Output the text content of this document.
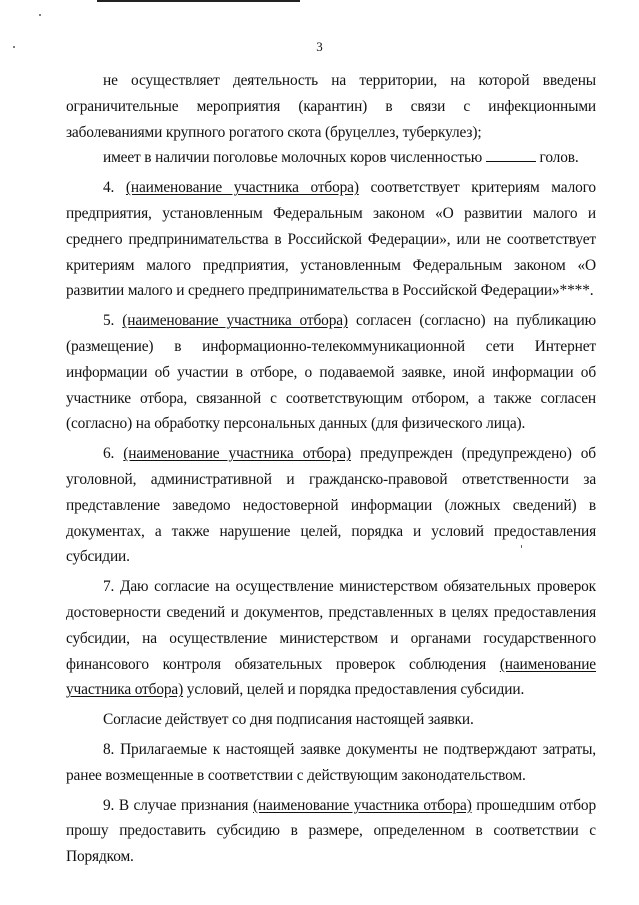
3

не осуществляет деятельность на территории, на которой введены ограничительные мероприятия (карантин) в связи с инфекционными заболеваниями крупного рогатого скота (бруцеллез, туберкулез);

имеет в наличии поголовье молочных коров численностью	голов.

4. (наименование участника отбора) соответствует критериям малого предприятия, установленным Федеральным законом «О развитии малого и среднего предпринимательства в Российской Федерации», или не соответствует критериям малого предприятия, установленным Федеральным законом «О развитии малого и среднего предпринимательства в Российской Федерации»****.

5. (наименование участника отбора) согласен (согласно) на публикацию (размещение) в информационно-телекоммуникационной сети Интернет информации об участии в отборе, о подаваемой заявке, иной информации об участнике отбора, связанной с соответствующим отбором, а также согласен (согласно) на обработку персональных данных (для физического лица).

6. (наименование участника отбора) предупрежден (предупреждено) об уголовной, административной и гражданско-правовой ответственности за представление заведомо недостоверной информации (ложных сведений) в документах, а также нарушение целей, порядка и условий предоставления субсидии.

7. Даю согласие на осуществление министерством обязательных проверок достоверности сведений и документов, представленных в целях предоставления субсидии, на осуществление министерством и органами государственного финансового контроля обязательных проверок соблюдения (наименование участника отбора) условий, целей и порядка предоставления субсидии.

Согласие действует со дня подписания настоящей заявки.

8. Прилагаемые к настоящей заявке документы не подтверждают затраты, ранее возмещенные в соответствии с действующим законодательством.

9. В случае признания (наименование участника отбора) прошедшим отбор прошу предоставить субсидию в размере, определенном в соответствии с Порядком.
